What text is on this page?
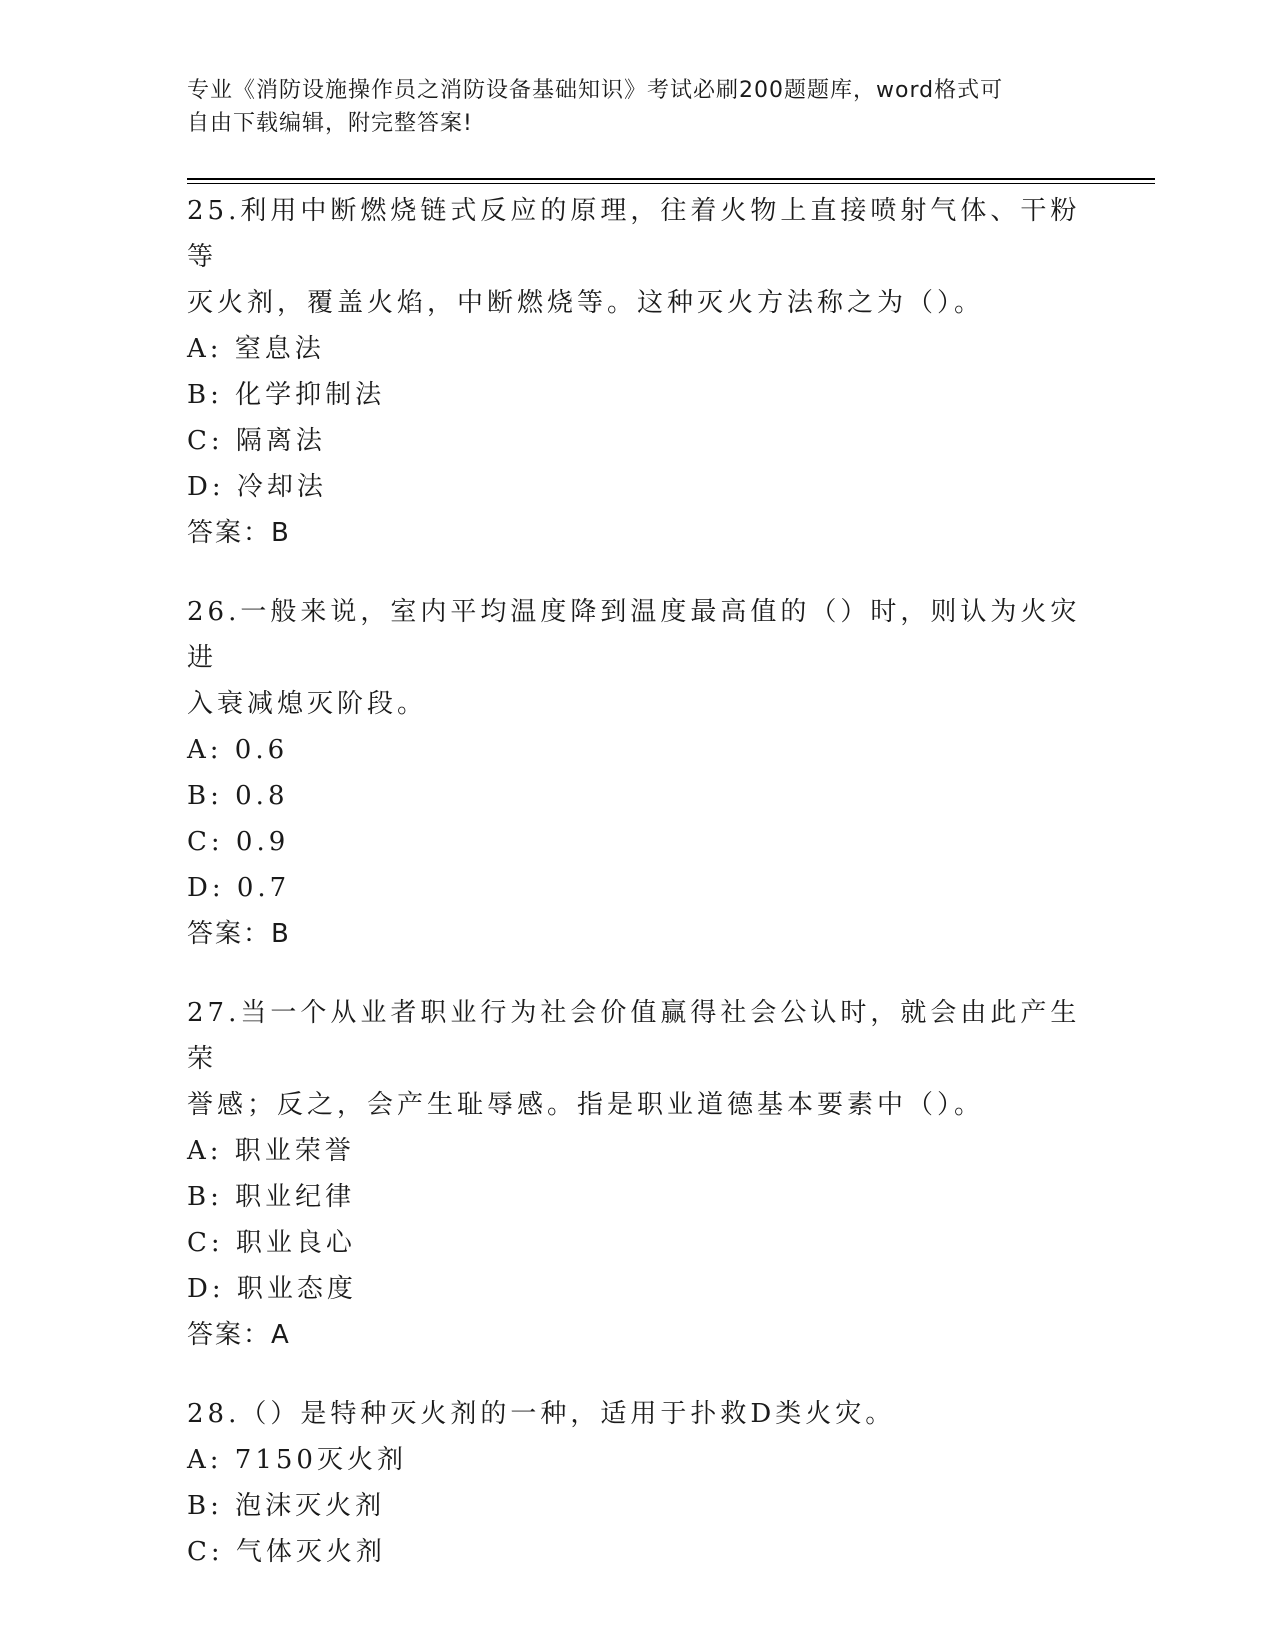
专业《消防设施操作员之消防设备基础知识》考试必刷200题题库，word格式可
自由下载编辑，附完整答案!

25.利用中断燃烧链式反应的原理，往着火物上直接喷射气体、干粉等

灭火剂，覆盖火焰，中断燃烧等。这种灭火方法称之为（）。

A: 窒息法

B: 化学抑制法

C: 隔离法

D: 冷却法

答案：B

26.一般来说，室内平均温度降到温度最高值的（）时，则认为火灾进

入衰减熄灭阶段。

A: 0.6

B: 0.8

C: 0.9

D: 0.7

答案：B

27.当一个从业者职业行为社会价值赢得社会公认时，就会由此产生荣

誉感；反之，会产生耻辱感。指是职业道德基本要素中（）。

A: 职业荣誉

B: 职业纪律

C: 职业良心

D: 职业态度

答案：A

28.（）是特种灭火剂的一种，适用于扑救D类火灾。

A: 7150灭火剂

B: 泡沫灭火剂

C: 气体灭火剂
